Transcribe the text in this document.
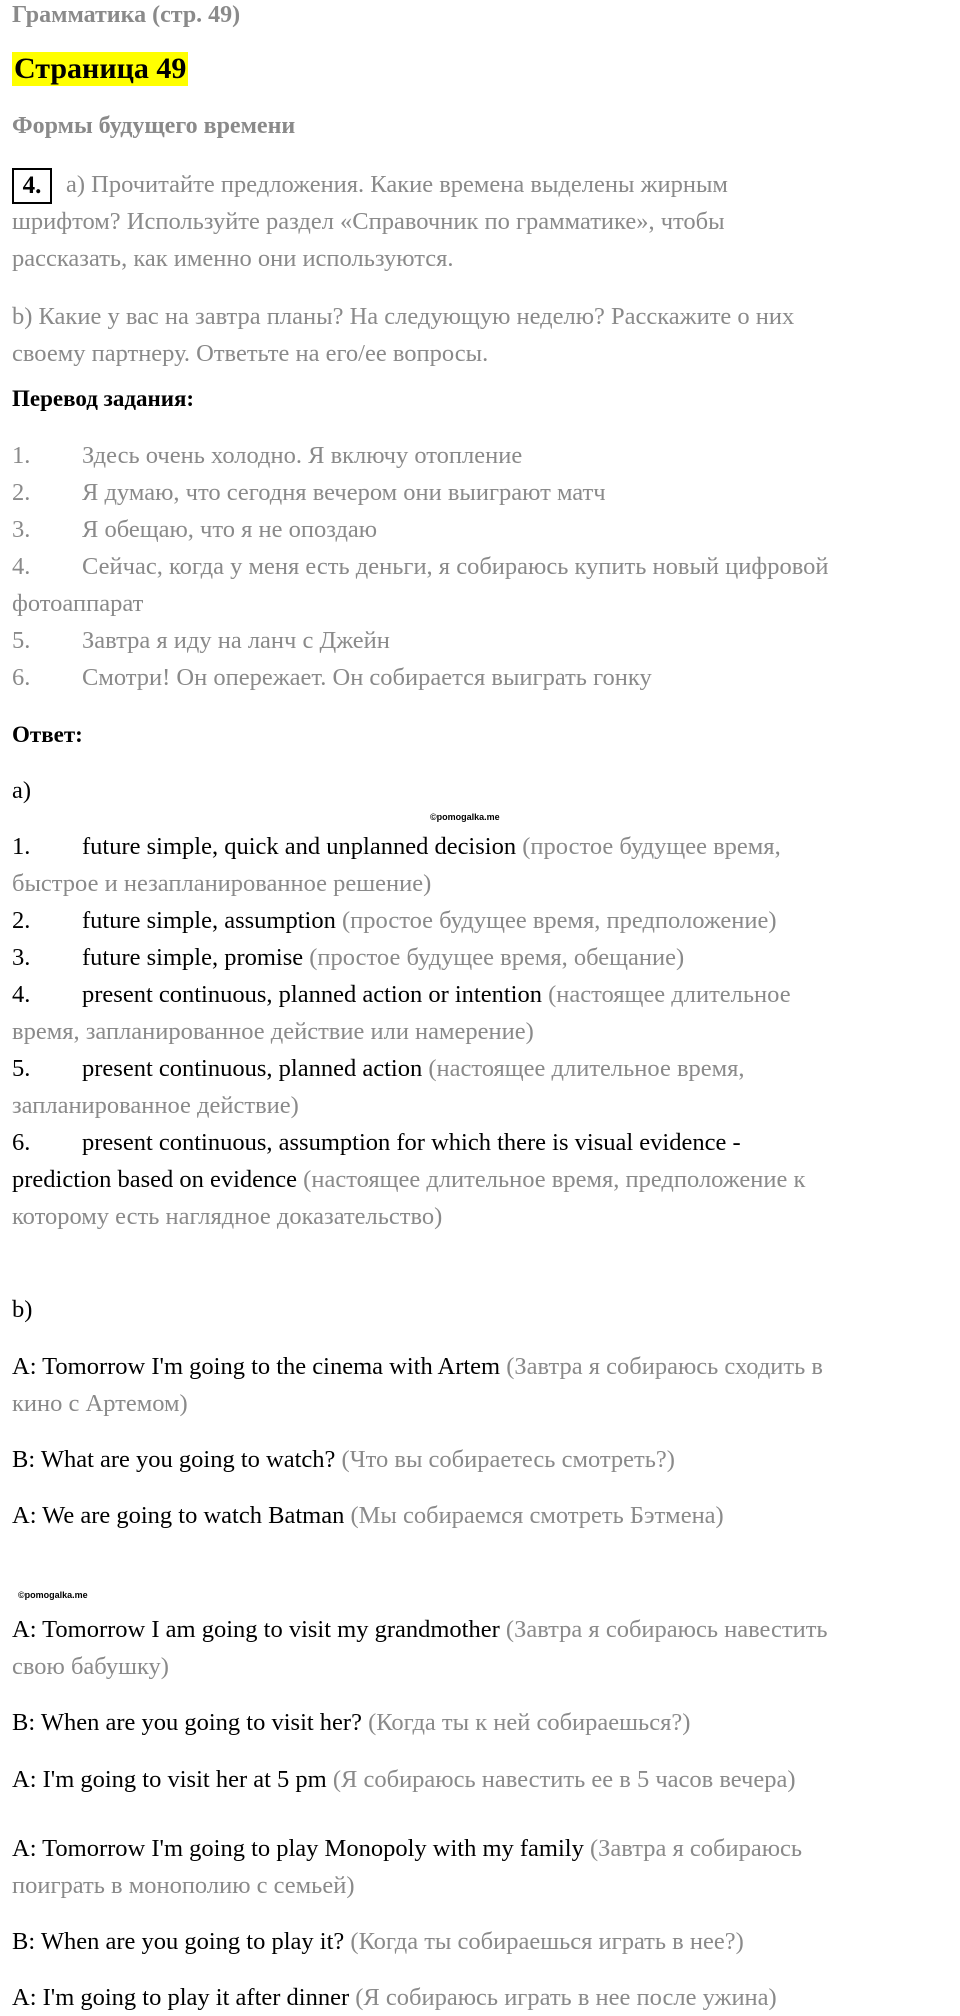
Грамматика (стр. 49)
Страница 49
Формы будущего времени
4.	a) Прочитайте предложения. Какие времена выделены жирным
шрифтом? Используйте раздел «Справочник по грамматике», чтобы
рассказать, как именно они используются.
b) Какие у вас на завтра планы? На следующую неделю? Расскажите о них
своему партнеру. Ответьте на его/ее вопросы.
Перевод задания:
1. Здесь очень холодно. Я включу отопление
2. Я думаю, что сегодня вечером они выиграют матч
3. Я обещаю, что я не опоздаю
4. Сейчас, когда у меня есть деньги, я собираюсь купить новый цифровой
фотоаппарат
5. Завтра я иду на ланч с Джейн
6. Смотри! Он опережает. Он собирается выиграть гонку
Ответ:
a)
©pomogalka.me
1. future simple, quick and unplanned decision (простое будущее время,
быстрое и незапланированное решение)
2. future simple, assumption (простое будущее время, предположение)
3. future simple, promise (простое будущее время, обещание)
4. present continuous, planned action or intention (настоящее длительное
время, запланированное действие или намерение)
5. present continuous, planned action (настоящее длительное время,
запланированное действие)
6. present continuous, assumption for which there is visual evidence -
prediction based on evidence (настоящее длительное время, предположение к
которому есть наглядное доказательство)
b)
A: Tomorrow I'm going to the cinema with Artem (Завтра я собираюсь сходить в
кино с Артемом)
B: What are you going to watch? (Что вы собираетесь смотреть?)
A: We are going to watch Batman (Мы собираемся смотреть Бэтмена)
©pomogalka.me
A: Tomorrow I am going to visit my grandmother (Завтра я собираюсь навестить
свою бабушку)
B: When are you going to visit her? (Когда ты к ней собираешься?)
A: I'm going to visit her at 5 pm (Я собираюсь навестить ее в 5 часов вечера)
A: Tomorrow I'm going to play Monopoly with my family (Завтра я собираюсь
поиграть в монополию с семьей)
B: When are you going to play it? (Когда ты собираешься играть в нее?)
A: I'm going to play it after dinner (Я собираюсь играть в нее после ужина)
